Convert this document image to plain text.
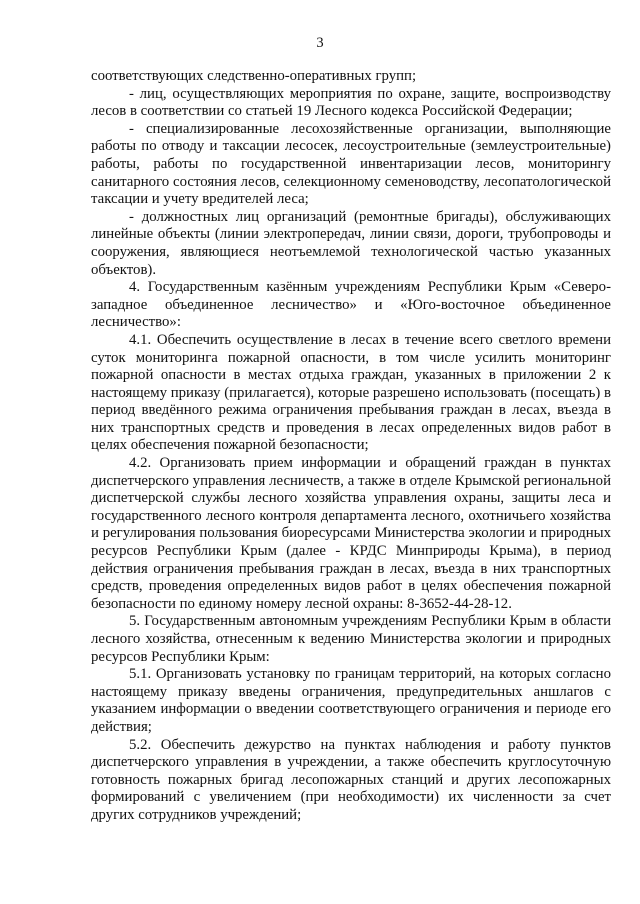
3

соответствующих следственно-оперативных групп;

- лиц, осуществляющих мероприятия по охране, защите, воспроизводству лесов в соответствии со статьей 19 Лесного кодекса Российской Федерации;

- специализированные лесохозяйственные организации, выполняющие работы по отводу и таксации лесосек, лесоустроительные (землеустроительные) работы, работы по государственной инвентаризации лесов, мониторингу санитарного состояния лесов, селекционному семеноводству, лесопатологической таксации и учету вредителей леса;

- должностных лиц организаций (ремонтные бригады), обслуживающих линейные объекты (линии электропередач, линии связи, дороги, трубопроводы и сооружения, являющиеся неотъемлемой технологической частью указанных объектов).

4. Государственным казённым учреждениям Республики Крым «Северо-западное объединенное лесничество» и «Юго-восточное объединенное лесничество»:

4.1. Обеспечить осуществление в лесах в течение всего светлого времени суток мониторинга пожарной опасности, в том числе усилить мониторинг пожарной опасности в местах отдыха граждан, указанных в приложении 2 к настоящему приказу (прилагается), которые разрешено использовать (посещать) в период введённого режима ограничения пребывания граждан в лесах, въезда в них транспортных средств и проведения в лесах определенных видов работ в целях обеспечения пожарной безопасности;

4.2. Организовать прием информации и обращений граждан в пунктах диспетчерского управления лесничеств, а также в отделе Крымской региональной диспетчерской службы лесного хозяйства управления охраны, защиты леса и государственного лесного контроля департамента лесного, охотничьего хозяйства и регулирования пользования биоресурсами Министерства экологии и природных ресурсов Республики Крым (далее - КРДС Минприроды Крыма), в период действия ограничения пребывания граждан в лесах, въезда в них транспортных средств, проведения определенных видов работ в целях обеспечения пожарной безопасности по единому номеру лесной охраны: 8-3652-44-28-12.

5. Государственным автономным учреждениям Республики Крым в области лесного хозяйства, отнесенным к ведению Министерства экологии и природных ресурсов Республики Крым:

5.1. Организовать установку по границам территорий, на которых согласно настоящему приказу введены ограничения, предупредительных аншлагов с указанием информации о введении соответствующего ограничения и периоде его действия;

5.2. Обеспечить дежурство на пунктах наблюдения и работу пунктов диспетчерского управления в учреждении, а также обеспечить круглосуточную готовность пожарных бригад лесопожарных станций и других лесопожарных формирований с увеличением (при необходимости) их численности за счет других сотрудников учреждений;
